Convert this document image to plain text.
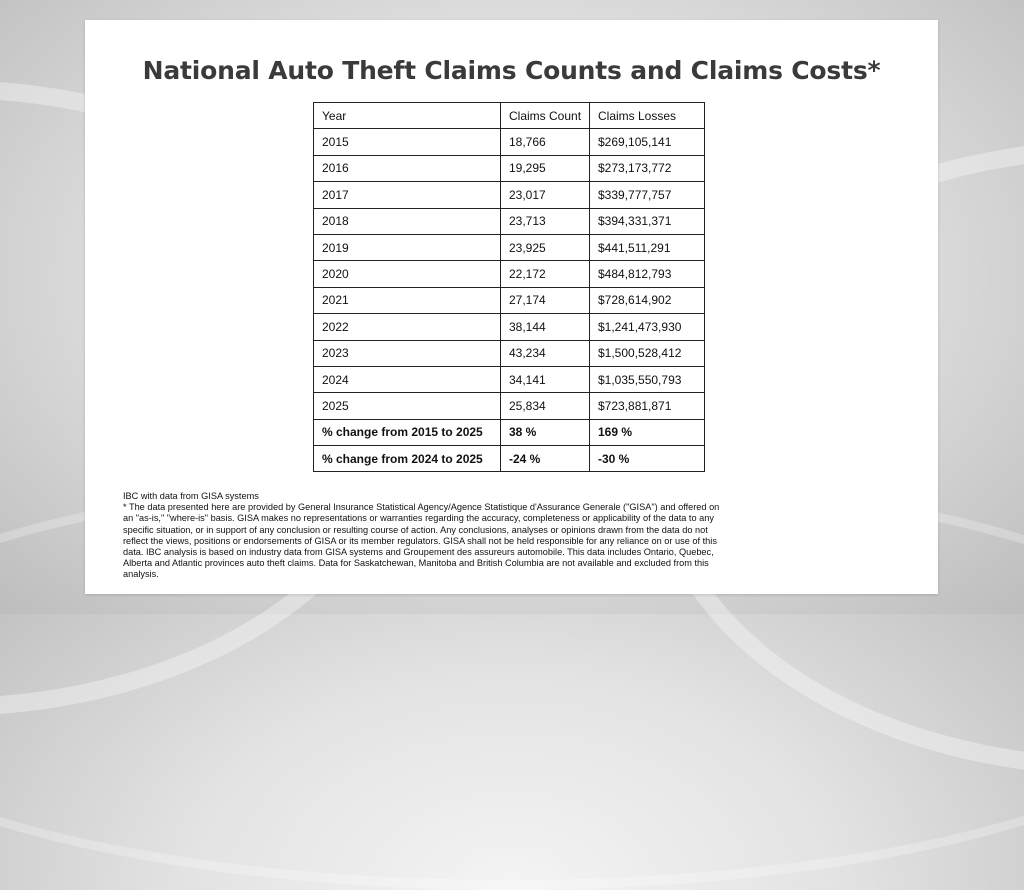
National Auto Theft Claims Counts and Claims Costs*
Year	Claims Count	Claims Losses
2015	18,766	$269,105,141
2016	19,295	$273,173,772
2017	23,017	$339,777,757
2018	23,713	$394,331,371
2019	23,925	$441,511,291
2020	22,172	$484,812,793
2021	27,174	$728,614,902
2022	38,144	$1,241,473,930
2023	43,234	$1,500,528,412
2024	34,141	$1,035,550,793
2025	25,834	$723,881,871
% change from 2015 to 2025	38 %	169 %
% change from 2024 to 2025	-24 %	-30 %

IBC with data from GISA systems

* The data presented here are provided by General Insurance Statistical Agency/Agence Statistique d'Assurance Generale ("GISA") and offered on an "as-is," "where-is" basis. GISA makes no representations or warranties regarding the accuracy, completeness or applicability of the data to any specific situation, or in support of any conclusion or resulting course of action. Any conclusions, analyses or opinions drawn from the data do not reflect the views, positions or endorsements of GISA or its member regulators. GISA shall not be held responsible for any reliance on or use of this data. IBC analysis is based on industry data from GISA systems and Groupement des assureurs automobile. This data includes Ontario, Quebec, Alberta and Atlantic provinces auto theft claims. Data for Saskatchewan, Manitoba and British Columbia are not available and excluded from this analysis.
